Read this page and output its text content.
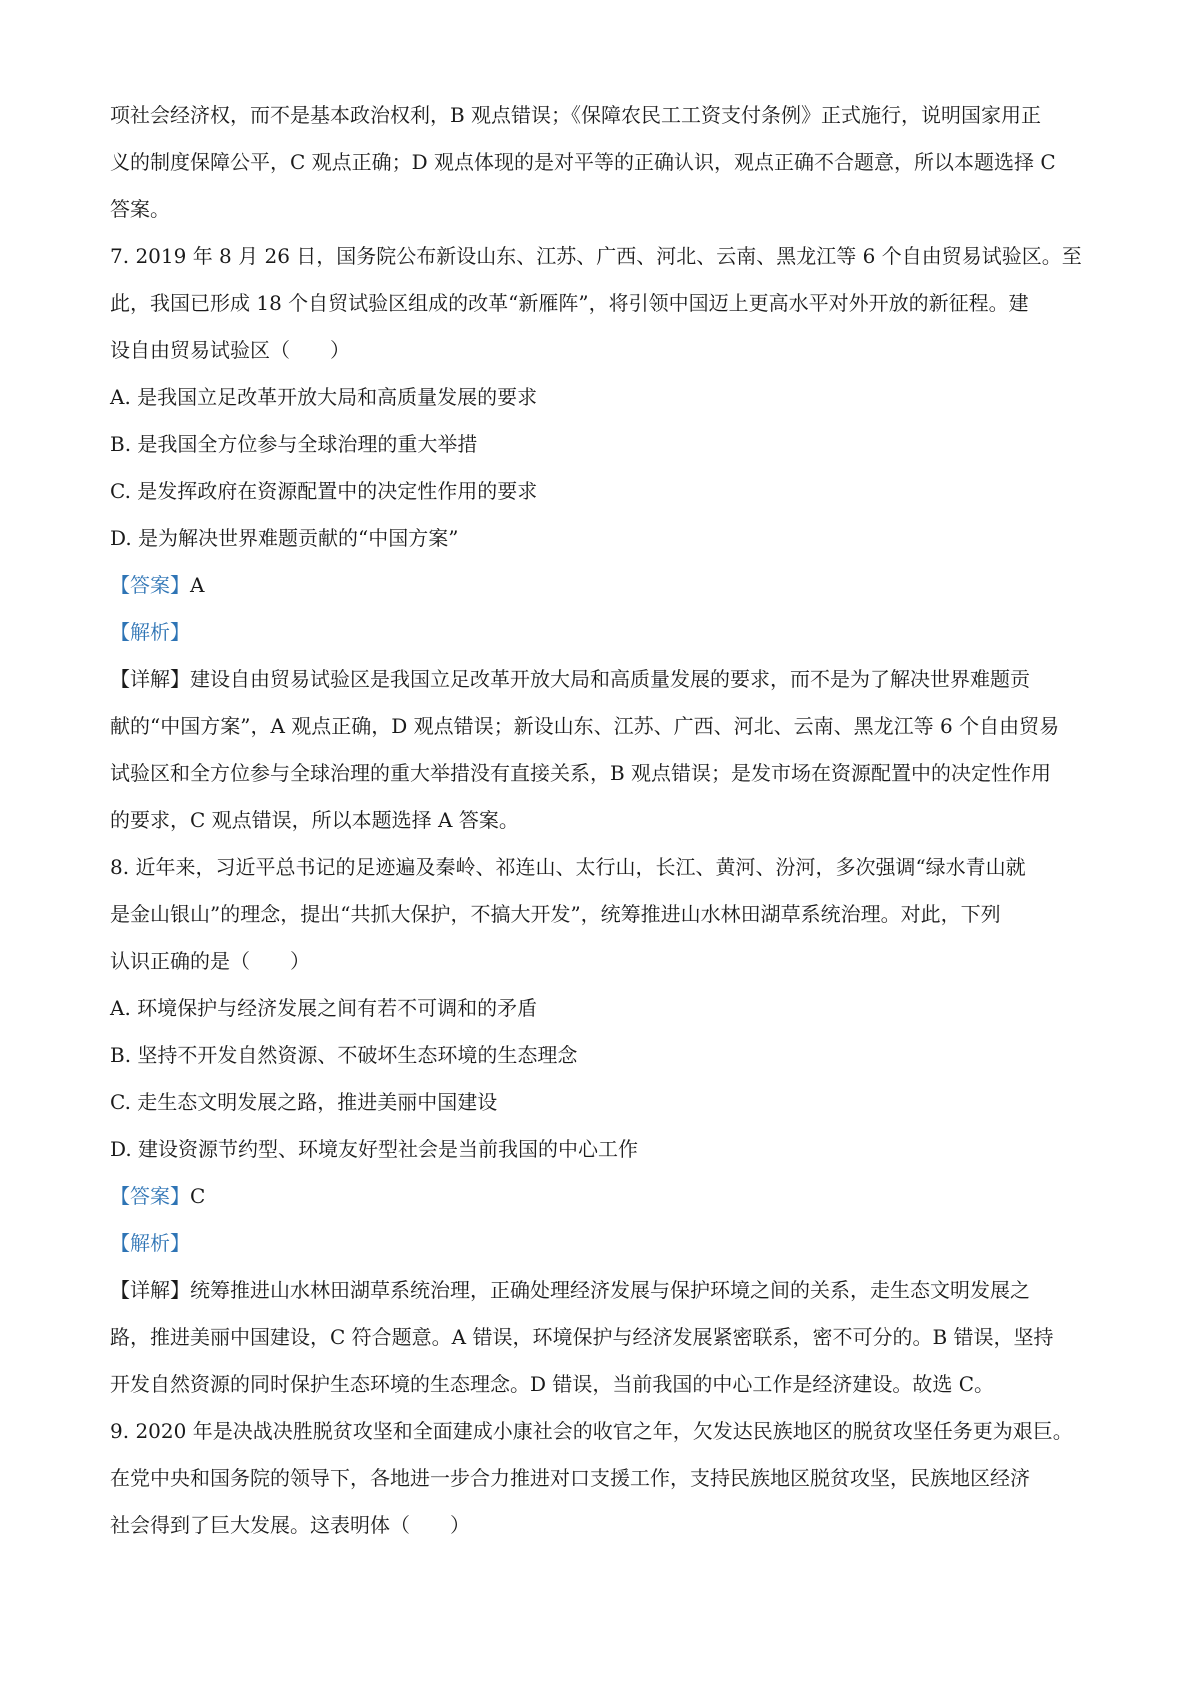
项社会经济权，而不是基本政治权利，B 观点错误；《保障农民工工资支付条例》正式施行，说明国家用正
义的制度保障公平，C 观点正确；D 观点体现的是对平等的正确认识，观点正确不合题意，所以本题选择 C
答案。
7. 2019 年 8 月 26 日，国务院公布新设山东、江苏、广西、河北、云南、黑龙江等 6 个自由贸易试验区。至
此，我国已形成 18 个自贸试验区组成的改革“新雁阵”，将引领中国迈上更高水平对外开放的新征程。建
设自由贸易试验区（　　）
A. 是我国立足改革开放大局和高质量发展的要求
B. 是我国全方位参与全球治理的重大举措
C. 是发挥政府在资源配置中的决定性作用的要求
D. 是为解决世界难题贡献的“中国方案”
【答案】A
【解析】
【详解】建设自由贸易试验区是我国立足改革开放大局和高质量发展的要求，而不是为了解决世界难题贡
献的“中国方案”，A 观点正确，D 观点错误；新设山东、江苏、广西、河北、云南、黑龙江等 6 个自由贸易
试验区和全方位参与全球治理的重大举措没有直接关系，B 观点错误；是发市场在资源配置中的决定性作用
的要求，C 观点错误，所以本题选择 A 答案。
8. 近年来，习近平总书记的足迹遍及秦岭、祁连山、太行山，长江、黄河、汾河，多次强调“绿水青山就
是金山银山”的理念，提出“共抓大保护，不搞大开发”，统筹推进山水林田湖草系统治理。对此，下列
认识正确的是（　　）
A. 环境保护与经济发展之间有若不可调和的矛盾
B. 坚持不开发自然资源、不破坏生态环境的生态理念
C. 走生态文明发展之路，推进美丽中国建设
D. 建设资源节约型、环境友好型社会是当前我国的中心工作
【答案】C
【解析】
【详解】统筹推进山水林田湖草系统治理，正确处理经济发展与保护环境之间的关系，走生态文明发展之
路，推进美丽中国建设，C 符合题意。A 错误，环境保护与经济发展紧密联系，密不可分的。B 错误，坚持
开发自然资源的同时保护生态环境的生态理念。D 错误，当前我国的中心工作是经济建设。故选 C。
9. 2020 年是决战决胜脱贫攻坚和全面建成小康社会的收官之年，欠发达民族地区的脱贫攻坚任务更为艰巨。
在党中央和国务院的领导下，各地进一步合力推进对口支援工作，支持民族地区脱贫攻坚，民族地区经济
社会得到了巨大发展。这表明体（　　）
